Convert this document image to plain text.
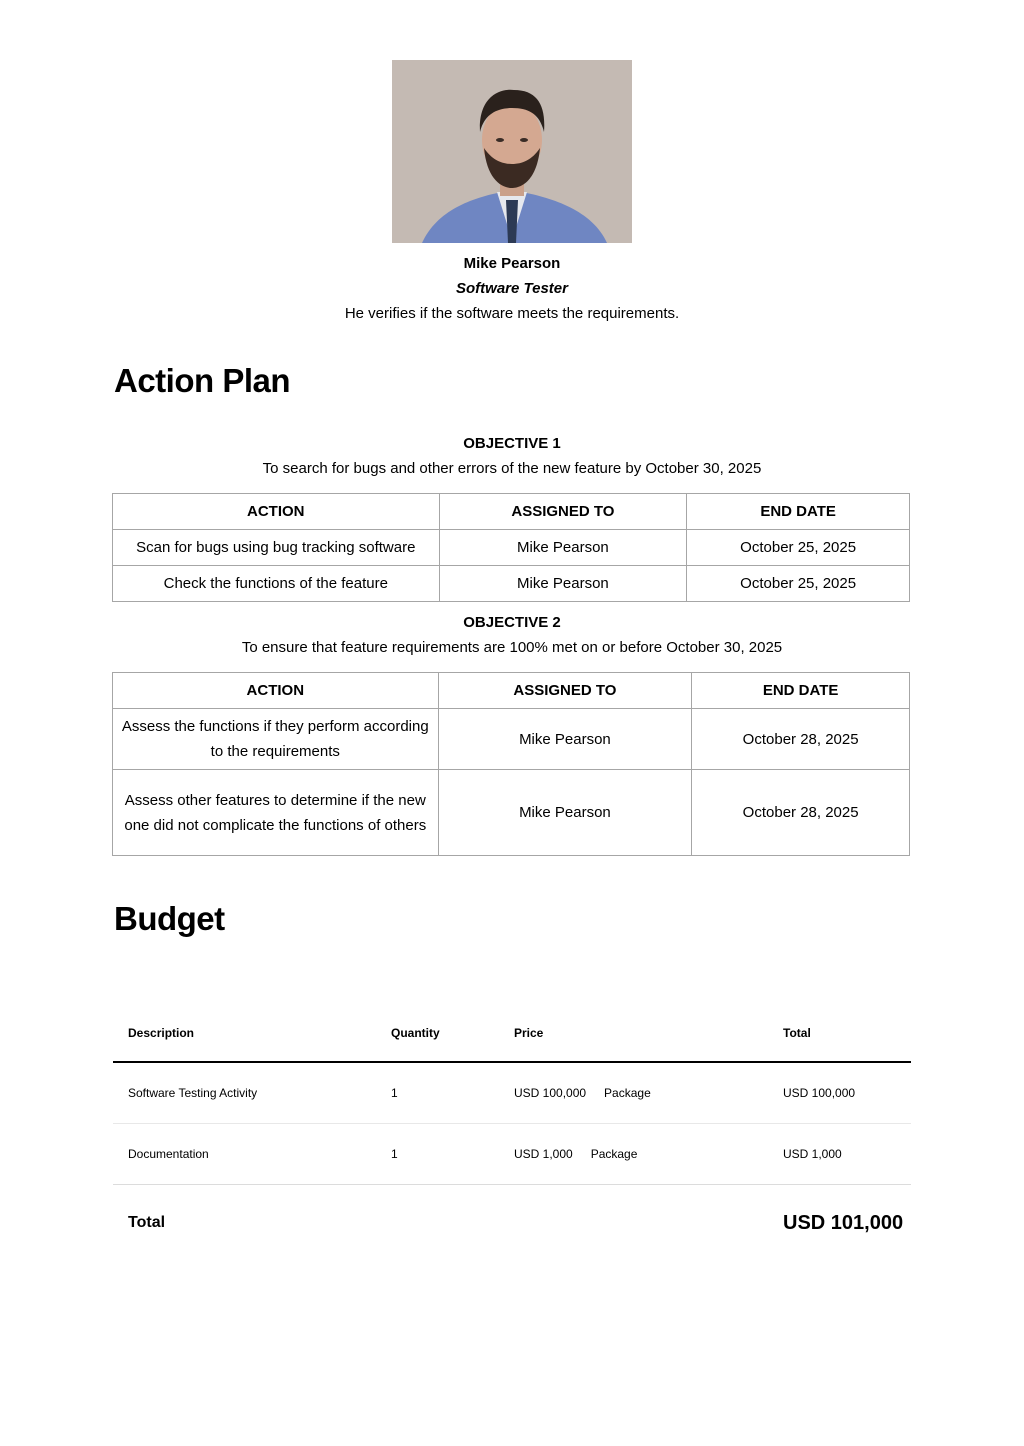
Mike Pearson
Software Tester
He verifies if the software meets the requirements.
Action Plan
OBJECTIVE 1
To search for bugs and other errors of the new feature by October 30, 2025
ACTION	ASSIGNED TO	END DATE
Scan for bugs using bug tracking software	Mike Pearson	October 25, 2025
Check the functions of the feature	Mike Pearson	October 25, 2025
OBJECTIVE 2
To ensure that feature requirements are 100% met on or before October 30, 2025
ACTION	ASSIGNED TO	END DATE
Assess the functions if they perform according to the requirements	Mike Pearson	October 28, 2025
Assess other features to determine if the new one did not complicate the functions of others	Mike Pearson	October 28, 2025
Budget
Description	Quantity	Price	Total
Software Testing Activity	1	USD 100,000 Package	USD 100,000
Documentation	1	USD 1,000 Package	USD 1,000
Total	USD 101,000
